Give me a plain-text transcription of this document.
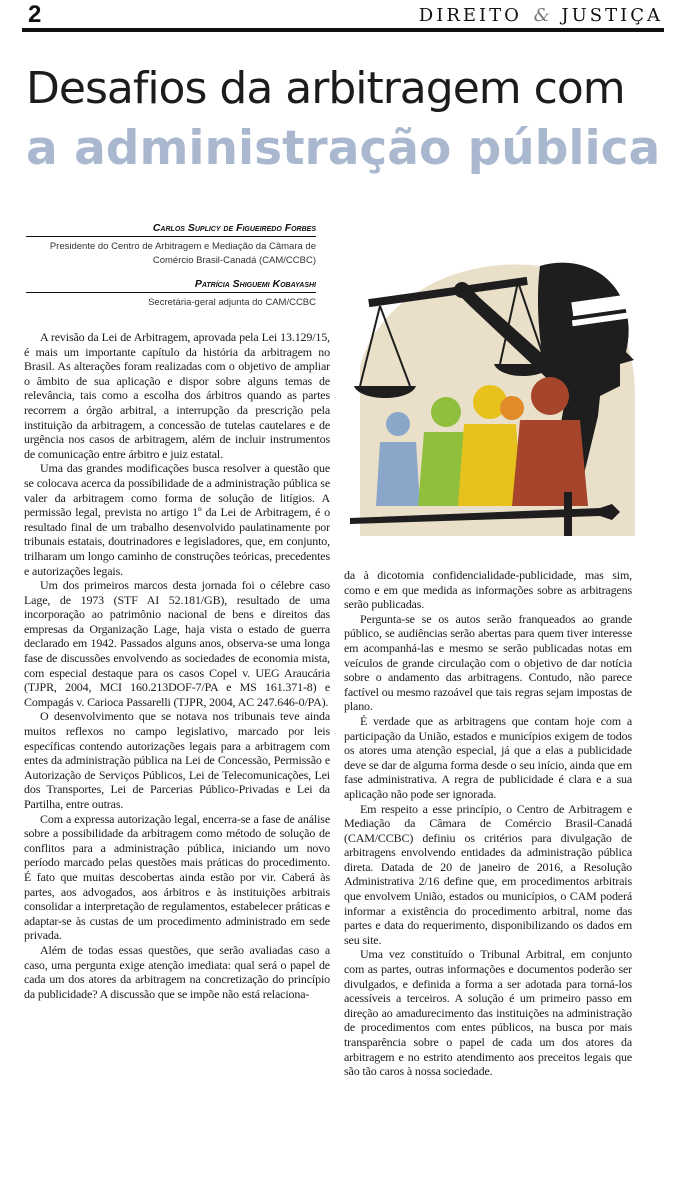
2	DIREITO & JUSTIÇA
Desafios da arbitragem com
a administração pública
Carlos Suplicy de Figueiredo Forbes
Presidente do Centro de Arbitragem e Mediação da Câmara de
Comércio Brasil-Canadá (CAM/CCBC)
Patrícia Shiguemi Kobayashi
Secretária-geral adjunta do CAM/CCBC

A revisão da Lei de Arbitragem, aprovada pela Lei 13.129/15, é mais um importante capítulo da história da arbitragem no Brasil. As alterações foram realizadas com o objetivo de ampliar o âmbito de sua aplicação e dispor sobre alguns temas de relevância, tais como a escolha dos árbitros quando as partes recorrem a órgão arbitral, a interrupção da prescrição pela instituição da arbitragem, a concessão de tutelas cautelares e de urgência nos casos de arbitragem, além de incluir instrumentos de comunicação entre árbitro e juiz estatal.

Uma das grandes modificações busca resolver a questão que se colocava acerca da possibilidade de a administração pública se valer da arbitragem como forma de solução de litígios. A permissão legal, prevista no artigo 1º da Lei de Arbitragem, é o resultado final de um trabalho desenvolvido paulatinamente por tribunais estatais, doutrinadores e legisladores, que, em conjunto, trilharam um longo caminho de construções teóricas, precedentes e autorizações legais.

Um dos primeiros marcos desta jornada foi o célebre caso Lage, de 1973 (STF AI 52.181/GB), resultado de uma incorporação ao patrimônio nacional de bens e direitos das empresas da Organização Lage, haja vista o estado de guerra declarado em 1942. Passados alguns anos, observa-se uma longa fase de discussões envolvendo as sociedades de economia mista, com especial destaque para os casos Copel v. UEG Araucária (TJPR, 2004, MCI 160.213DOF-7/PA e MS 161.371-8) e Compagás v. Carioca Passarelli (TJPR, 2004, AC 247.646-0/PA).

O desenvolvimento que se notava nos tribunais teve ainda muitos reflexos no campo legislativo, marcado por leis específicas contendo autorizações legais para a arbitragem com entes da administração pública na Lei de Concessão, Permissão e Autorização de Serviços Públicos, Lei de Telecomunicações, Lei dos Transportes, Lei de Parcerias Público-Privadas e Lei da Partilha, entre outras.

Com a expressa autorização legal, encerra-se a fase de análise sobre a possibilidade da arbitragem como método de solução de conflitos para a administração pública, iniciando um novo período marcado pelas questões mais práticas do procedimento. É fato que muitas descobertas ainda estão por vir. Caberá às partes, aos advogados, aos árbitros e às instituições arbitrais consolidar a interpretação de regulamentos, estabelecer práticas e adaptar-se às custas de um procedimento administrado em sede privada.

Além de todas essas questões, que serão avaliadas caso a caso, uma pergunta exige atenção imediata: qual será o papel de cada um dos atores da arbitragem na concretização do princípio da publicidade? A discussão que se impõe não está relaciona-

da à dicotomia confidencialidade-publicidade, mas sim, como e em que medida as informações sobre as arbitragens serão publicadas.

Pergunta-se se os autos serão franqueados ao grande público, se audiências serão abertas para quem tiver interesse em acompanhá-las e mesmo se serão publicadas notas em veículos de grande circulação com o objetivo de dar notícia sobre o andamento das arbitragens. Contudo, não parece factível ou mesmo razoável que tais regras sejam impostas de plano.

É verdade que as arbitragens que contam hoje com a participação da União, estados e municípios exigem de todos os atores uma atenção especial, já que a elas a publicidade deve se dar de alguma forma desde o seu início, ainda que em fase administrativa. A regra de publicidade é clara e a sua aplicação não pode ser ignorada.

Em respeito a esse princípio, o Centro de Arbitragem e Mediação da Câmara de Comércio Brasil-Canadá (CAM/CCBC) definiu os critérios para divulgação de arbitragens envolvendo entidades da administração pública direta. Datada de 20 de janeiro de 2016, a Resolução Administrativa 2/16 define que, em procedimentos arbitrais que envolvem União, estados ou municípios, o CAM poderá informar a existência do procedimento arbitral, nome das partes e data do requerimento, disponibilizando os dados em seu site.

Uma vez constituído o Tribunal Arbitral, em conjunto com as partes, outras informações e documentos poderão ser divulgados, e definida a forma a ser adotada para torná-los acessíveis a terceiros. A solução é um primeiro passo em direção ao amadurecimento das instituições na administração de procedimentos com entes públicos, na busca por mais transparência sobre o papel de cada um dos atores da arbitragem e no estrito atendimento aos preceitos legais que são tão caros à nossa sociedade.
